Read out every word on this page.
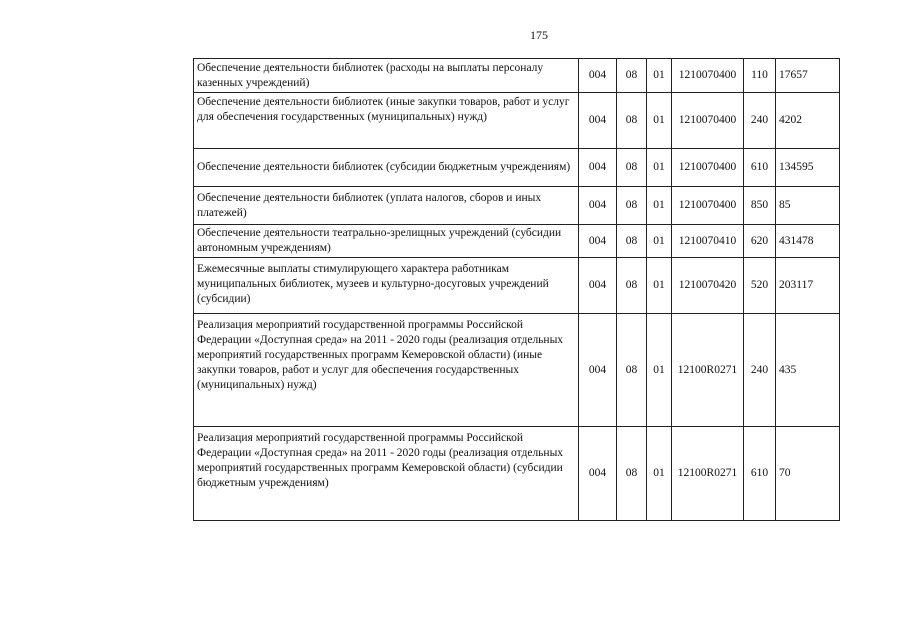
175
Обеспечение деятельности библиотек (расходы на выплаты персоналу казенных учреждений)	004	08	01	1210070400	110	17657
Обеспечение деятельности библиотек (иные закупки товаров, работ и услуг для обеспечения государственных (муниципальных) нужд)	004	08	01	1210070400	240	4202
Обеспечение деятельности библиотек (субсидии бюджетным учреждениям)	004	08	01	1210070400	610	134595
Обеспечение деятельности библиотек (уплата налогов, сборов и иных платежей)	004	08	01	1210070400	850	85
Обеспечение деятельности театрально-зрелищных учреждений (субсидии автономным учреждениям)	004	08	01	1210070410	620	431478
Ежемесячные выплаты стимулирующего характера работникам муниципальных библиотек, музеев и культурно-досуговых учреждений (субсидии)	004	08	01	1210070420	520	203117
Реализация мероприятий государственной программы Российской Федерации «Доступная среда» на 2011 - 2020 годы (реализация отдельных мероприятий государственных программ Кемеровской области) (иные закупки товаров, работ и услуг для обеспечения государственных (муниципальных) нужд)	004	08	01	12100R0271	240	435
Реализация мероприятий государственной программы Российской Федерации «Доступная среда» на 2011 - 2020 годы (реализация отдельных мероприятий государственных программ Кемеровской области) (субсидии бюджетным учреждениям)	004	08	01	12100R0271	610	70
